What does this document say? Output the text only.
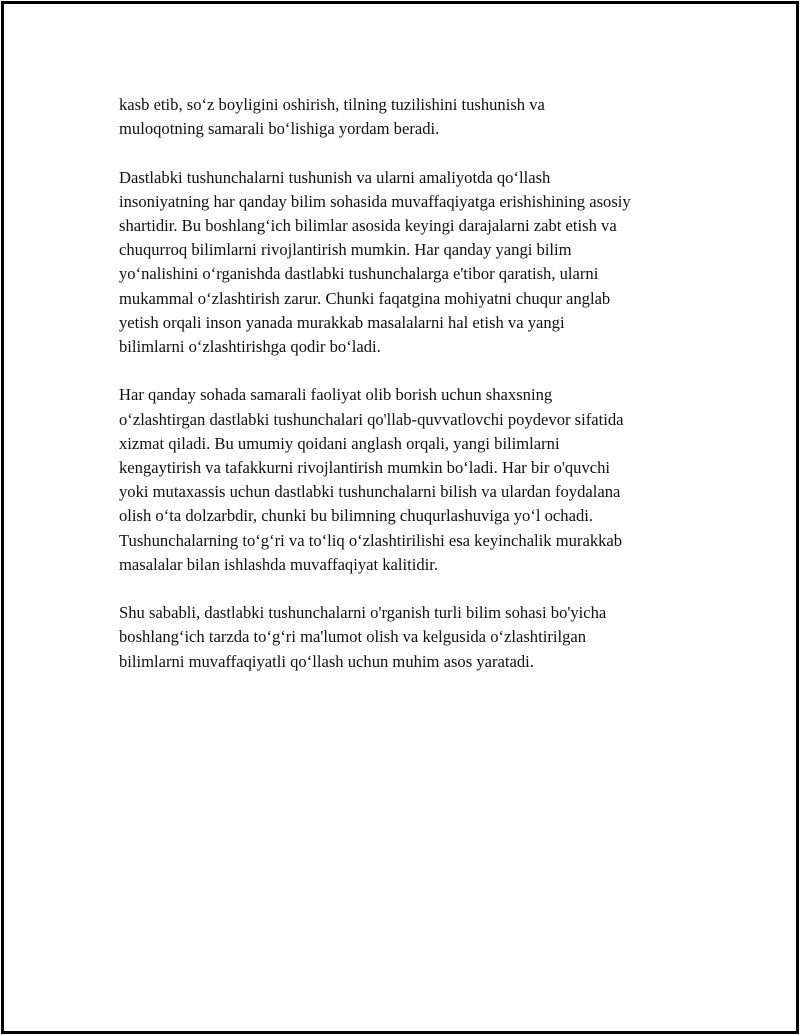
kasb etib, so‘z boyligini oshirish, tilning tuzilishini tushunish va
muloqotning samarali bo‘lishiga yordam beradi.

Dastlabki tushunchalarni tushunish va ularni amaliyotda qo‘llash
insoniyatning har qanday bilim sohasida muvaffaqiyatga erishishining asosiy
shartidir. Bu boshlang‘ich bilimlar asosida keyingi darajalarni zabt etish va
chuqurroq bilimlarni rivojlantirish mumkin. Har qanday yangi bilim
yo‘nalishini o‘rganishda dastlabki tushunchalarga e'tibor qaratish, ularni
mukammal o‘zlashtirish zarur. Chunki faqatgina mohiyatni chuqur anglab
yetish orqali inson yanada murakkab masalalarni hal etish va yangi
bilimlarni o‘zlashtirishga qodir bo‘ladi.

Har qanday sohada samarali faoliyat olib borish uchun shaxsning
o‘zlashtirgan dastlabki tushunchalari qo'llab-quvvatlovchi poydevor sifatida
xizmat qiladi. Bu umumiy qoidani anglash orqali, yangi bilimlarni
kengaytirish va tafakkurni rivojlantirish mumkin bo‘ladi. Har bir o'quvchi
yoki mutaxassis uchun dastlabki tushunchalarni bilish va ulardan foydalana
olish o‘ta dolzarbdir, chunki bu bilimning chuqurlashuviga yo‘l ochadi.
Tushunchalarning to‘g‘ri va to‘liq o‘zlashtirilishi esa keyinchalik murakkab
masalalar bilan ishlashda muvaffaqiyat kalitidir.

Shu sababli, dastlabki tushunchalarni o'rganish turli bilim sohasi bo'yicha
boshlang‘ich tarzda to‘g‘ri ma'lumot olish va kelgusida o‘zlashtirilgan
bilimlarni muvaffaqiyatli qo‘llash uchun muhim asos yaratadi.
